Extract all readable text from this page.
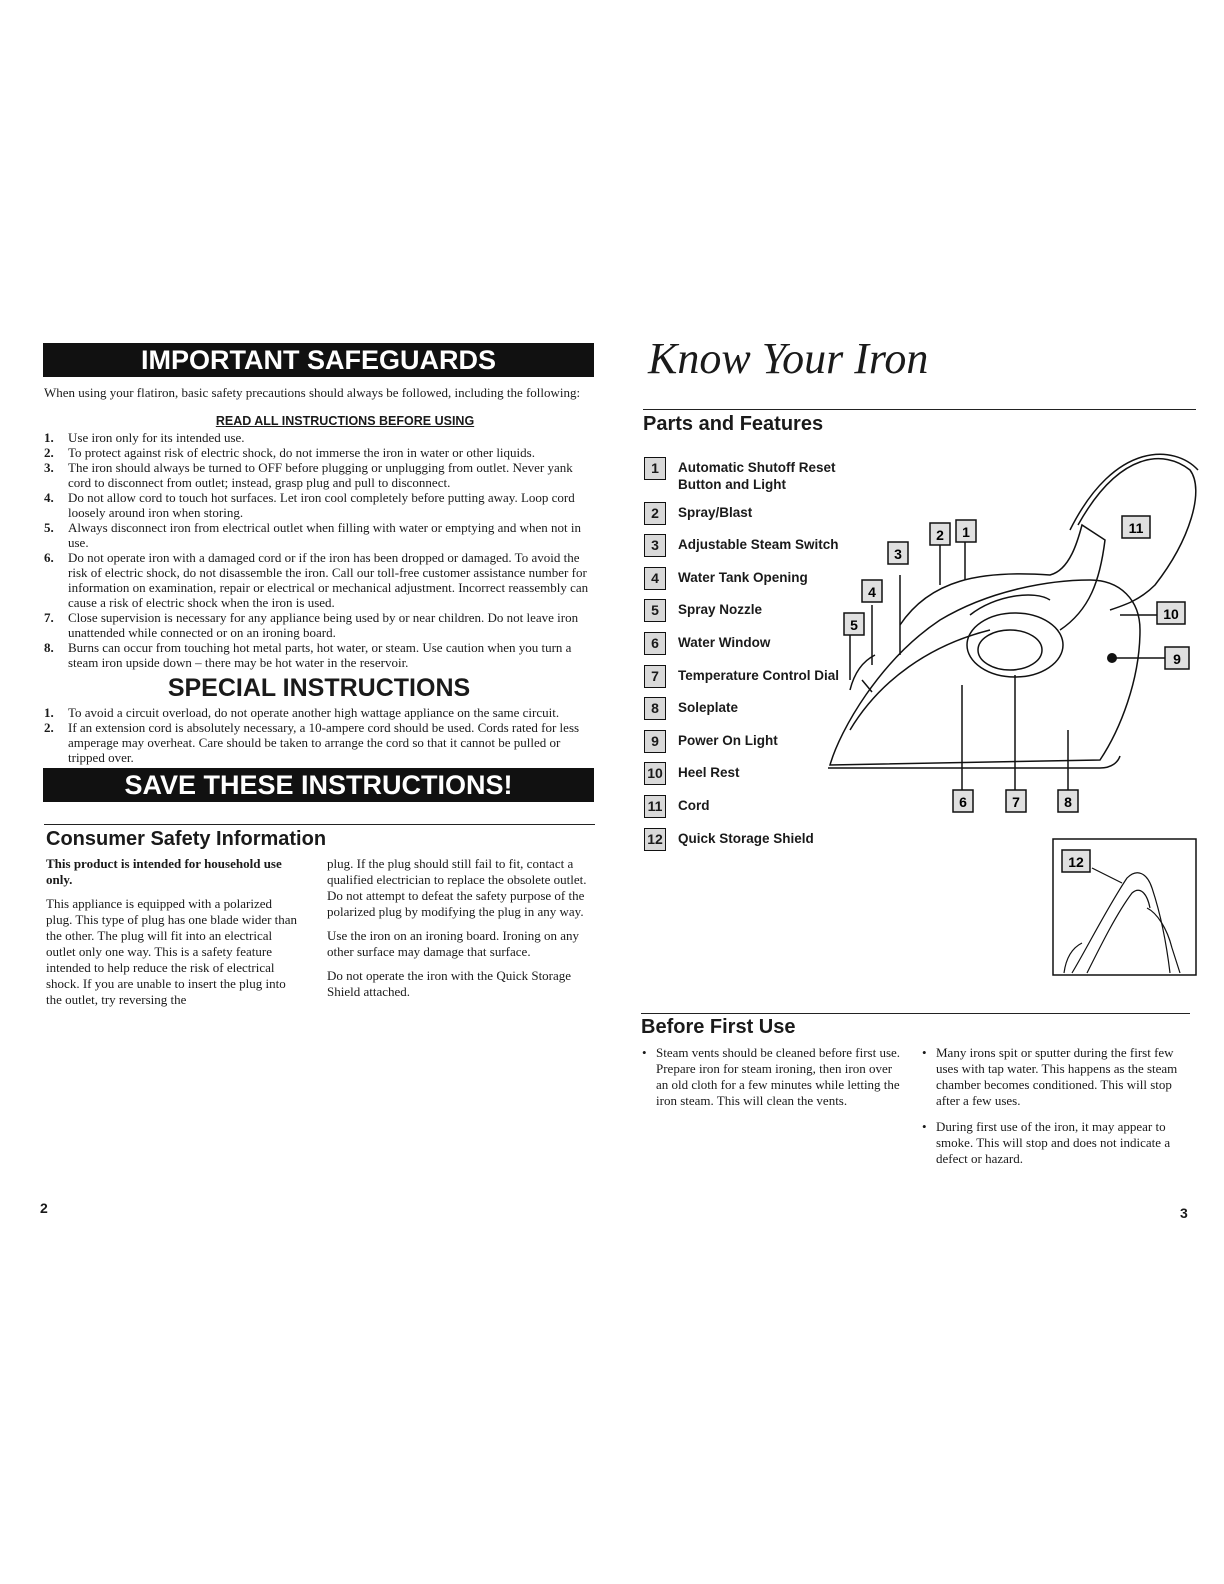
IMPORTANT SAFEGUARDS
When using your flatiron, basic safety precautions should always be followed, including the following:
READ ALL INSTRUCTIONS BEFORE USING
1. Use iron only for its intended use.
2. To protect against risk of electric shock, do not immerse the iron in water or other liquids.
3. The iron should always be turned to OFF before plugging or unplugging from outlet. Never yank cord to disconnect from outlet; instead, grasp plug and pull to disconnect.
4. Do not allow cord to touch hot surfaces. Let iron cool completely before putting away. Loop cord loosely around iron when storing.
5. Always disconnect iron from electrical outlet when filling with water or emptying and when not in use.
6. Do not operate iron with a damaged cord or if the iron has been dropped or damaged. To avoid the risk of electric shock, do not disassemble the iron. Call our toll-free customer assistance number for information on examination, repair or electrical or mechanical adjustment. Incorrect reassembly can cause a risk of electric shock when the iron is used.
7. Close supervision is necessary for any appliance being used by or near children. Do not leave iron unattended while connected or on an ironing board.
8. Burns can occur from touching hot metal parts, hot water, or steam. Use caution when you turn a steam iron upside down – there may be hot water in the reservoir.
SPECIAL INSTRUCTIONS
1. To avoid a circuit overload, do not operate another high wattage appliance on the same circuit.
2. If an extension cord is absolutely necessary, a 10-ampere cord should be used. Cords rated for less amperage may overheat. Care should be taken to arrange the cord so that it cannot be pulled or tripped over.
SAVE THESE INSTRUCTIONS!
Consumer Safety Information

This product is intended for household use only.

This appliance is equipped with a polarized plug. This type of plug has one blade wider than the other. The plug will fit into an electrical outlet only one way. This is a safety feature intended to help reduce the risk of electrical shock. If you are unable to insert the plug into the outlet, try reversing the

plug. If the plug should still fail to fit, contact a qualified electrician to replace the obsolete outlet. Do not attempt to defeat the safety purpose of the polarized plug by modifying the plug in any way.

Use the iron on an ironing board. Ironing on any other surface may damage that surface.

Do not operate the iron with the Quick Storage Shield attached.

2
Know Your Iron
Parts and Features
1	Automatic Shutoff Reset Button and Light
2	Spray/Blast
3	Adjustable Steam Switch
4	Water Tank Opening
5	Spray Nozzle
6	Water Window
7	Temperature Control Dial
8	Soleplate
9	Power On Light
10 Heel Rest
11 Cord
12 Quick Storage Shield
2 1
3
4
5
6	7	8
9
10
11
12
Before First Use

• Steam vents should be cleaned before first use. Prepare iron for steam ironing, then iron over an old cloth for a few minutes while letting the iron steam. This will clean the vents.

• Many irons spit or sputter during the first few uses with tap water. This happens as the steam chamber becomes conditioned. This will stop after a few uses.

• During first use of the iron, it may appear to smoke. This will stop and does not indicate a defect or hazard.

3
